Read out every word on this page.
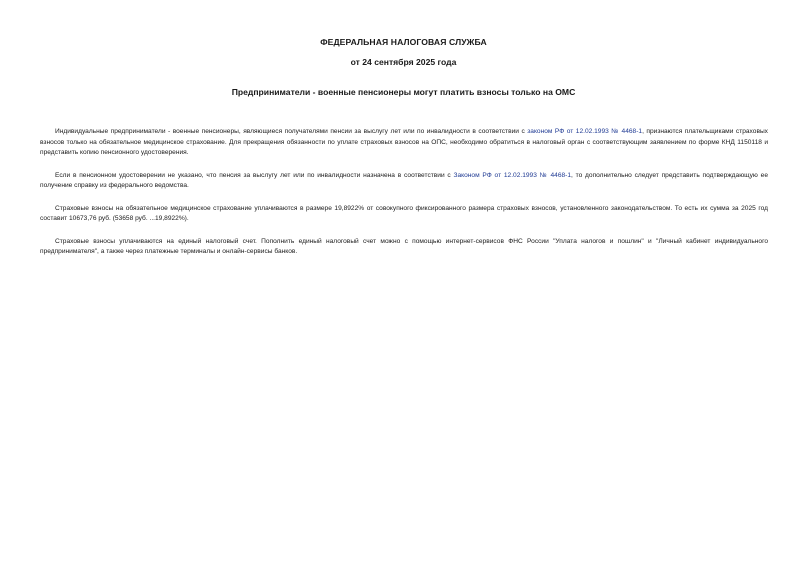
ФЕДЕРАЛЬНАЯ НАЛОГОВАЯ СЛУЖБА
от 24 сентября 2025 года
Предприниматели - военные пенсионеры могут платить взносы только на ОМС

Индивидуальные предприниматели - военные пенсионеры, являющиеся получателями пенсии за выслугу лет или по инвалидности в соответствии с законом РФ от 12.02.1993 № 4468-1, признаются плательщиками страховых взносов только на обязательное медицинское страхование. Для прекращения обязанности по уплате страховых взносов на ОПС, необходимо обратиться в налоговый орган с соответствующим заявлением по форме КНД 1150118 и представить копию пенсионного удостоверения.

Если в пенсионном удостоверении не указано, что пенсия за выслугу лет или по инвалидности назначена в соответствии с Законом РФ от 12.02.1993 № 4468-1, то дополнительно следует представить подтверждающую ее получение справку из федерального ведомства.

Страховые взносы на обязательное медицинское страхование уплачиваются в размере 19,8922% от совокупного фиксированного размера страховых взносов, установленного законодательством. То есть их сумма за 2025 год составит 10673,76 руб. (53658 руб. ...19,8922%).

Страховые взносы уплачиваются на единый налоговый счет. Пополнить единый налоговый счет можно с помощью интернет-сервисов ФНС России "Уплата налогов и пошлин" и "Личный кабинет индивидуального предпринимателя", а также через платежные терминалы и онлайн-сервисы банков.
